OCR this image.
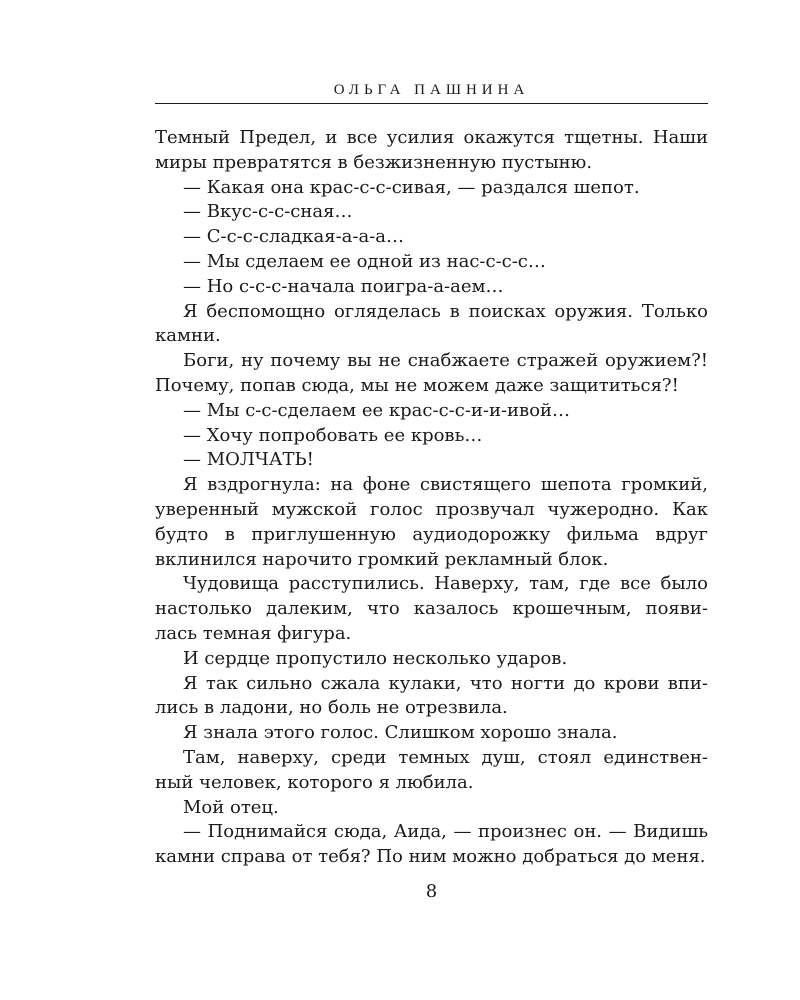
ОЛЬГА ПАШНИНА
Темный Предел, и все усилия окажутся тщетны. Наши
миры превратятся в безжизненную пустыню.
— Какая она крас-с-с-сивая, — раздался шепот.
— Вкус-с-с-сная…
— С-с-с-сладкая-а-а-а…
— Мы сделаем ее одной из нас-с-с-с…
— Но с-с-с-начала поигра-а-аем…
Я беспомощно огляделась в поисках оружия. Только
камни.
Боги, ну почему вы не снабжаете стражей оружием?!
Почему, попав сюда, мы не можем даже защититься?!
— Мы с-с-сделаем ее крас-с-с-и-и-ивой…
— Хочу попробовать ее кровь…
— МОЛЧАТЬ!
Я вздрогнула: на фоне свистящего шепота громкий,
уверенный мужской голос прозвучал чужеродно. Как
будто в приглушенную аудиодорожку фильма вдруг
вклинился нарочито громкий рекламный блок.
Чудовища расступились. Наверху, там, где все было
настолько далеким, что казалось крошечным, появи-
лась темная фигура.
И сердце пропустило несколько ударов.
Я так сильно сжала кулаки, что ногти до крови впи-
лись в ладони, но боль не отрезвила.
Я знала этого голос. Слишком хорошо знала.
Там, наверху, среди темных душ, стоял единствен-
ный человек, которого я любила.
Мой отец.
— Поднимайся сюда, Аида, — произнес он. — Видишь
камни справа от тебя? По ним можно добраться до меня.
8
